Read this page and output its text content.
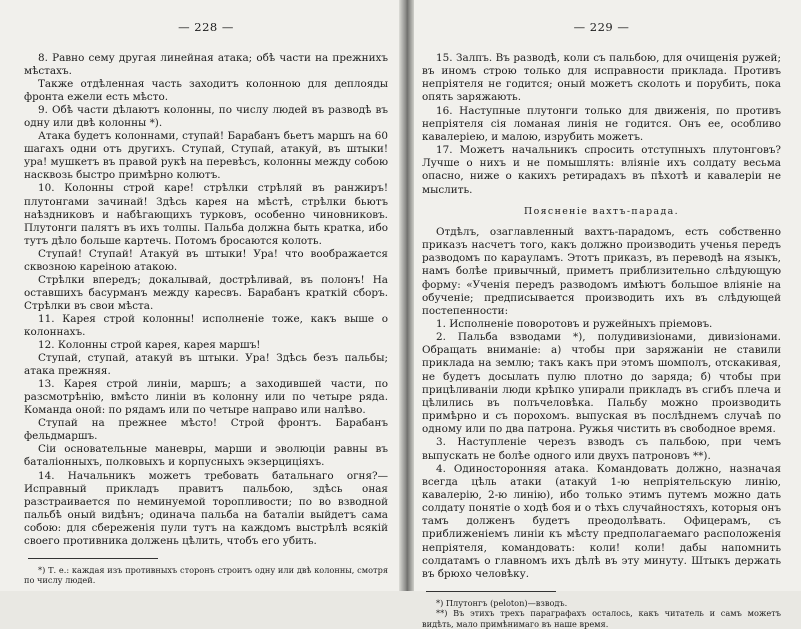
— 228 —

8. Равно сему другая линейная атака; обѣ части на прежнихъ мѣстахъ.

Также отдѣленная часть заходитъ колонною для деплояды фронта ежели есть мѣсто.

9. Обѣ части дѣлаютъ колонны, по числу людей въ разводѣ въ одну или двѣ колонны *).

Атака будетъ колоннами, ступай! Барабанъ бьетъ маршъ на 60 шагахъ одни отъ другихъ. Ступай, Ступай, атакуй, въ штыки! ура! мушкетъ въ правой рукѣ на перевѣсъ, колонны между собою насквозь быстро примѣрно колютъ.

10. Колонны строй каре! стрѣлки стрѣляй въ ранжиръ! плутонгами зачинай! Здѣсь карея на мѣстѣ, стрѣлки бьютъ наѣздниковъ и набѣгающихъ турковъ, особенно чиновниковъ. Плутонги палятъ въ ихъ толпы. Пальба должна быть кратка, ибо тутъ дѣло больше картечь. Потомъ бросаются колоть.

Ступай! Ступай! Атакуй въ штыки! Ура! что воображается сквозною кареiною атакою.

Стрѣлки впередъ; докалывай, дострѣливай, въ полонъ! На оставшихъ басурманъ между каресвъ. Барабанъ краткiй сборъ. Стрѣлки въ свои мѣста.

11. Карея строй колонны! исполненiе тоже, какъ выше о колоннахъ.

12. Колонны строй карея, карея маршъ!

Ступай, ступай, атакуй въ штыки. Ура! Здѣсь безъ пальбы; атака прежняя.

13. Карея строй линiи, маршъ; а заходившей части, по разсмотрѣнiю, вмѣсто линiи въ колонну или по четыре ряда. Команда оной: по рядамъ или по четыре направо или налѣво.

Ступай на прежнее мѣсто! Строй фронтъ. Барабанъ фельдмаршъ.

Сiи основательные маневры, марши и эволюцiи равны въ баталiонныхъ, полковыхъ и корпусныхъ экзерцицiяхъ.

14. Начальникъ можетъ требовать батальнаго огня?—Исправный прикладъ правитъ пальбою, здѣсь оная разстраивается по неминуемой торопливости; по во взводной пальбѣ оный видѣнъ; одинача пальба на баталiи выйдетъ сама собою: для сбереженiя пули тутъ на каждомъ выстрѣлѣ всякiй своего противника должень цѣлить, чтобъ его убить.

*) Т. е.: каждая изъ противныхъ сторонъ строитъ одну или двѣ колонны, смотря по числу людей.

— 229 —

15. Залпъ. Въ разводѣ, коли съ пальбою, для очищенiя ружей; въ иномъ строю только для исправности приклада. Противъ непрiятеля не годится; оный можетъ сколоть и порубить, пока опять заряжають.

16. Наступные плутонги только для движенiя, по противъ непрiятеля сiя ломаная линiя не годится. Онъ ее, особливо кавалерiею, и малою, изрубить можетъ.

17. Можетъ начальникъ спросить отступныхъ плутонговъ? Лучше о нихъ и не помышлять: влiянiе ихъ солдату весьма опасно, ниже о какихъ ретирадахъ въ пѣхотѣ и кавалерiи не мыслить.

Поясненiе вахтъ-парада.

Отдѣлъ, озаглавленный вахтъ-парадомъ, есть собственно приказъ насчетъ того, какъ должно производить ученья передъ разводомъ по карауламъ. Этотъ приказъ, въ переводѣ на языкъ, намъ болѣе привычный, приметъ приблизительно слѣдующую форму: «Ученiя передъ разводомъ имѣютъ большое влiянiе на обученiе; предписывается производить ихъ въ слѣдующей постепенности:

1. Исполненiе поворотовъ и ружейныхъ прiемовъ.

2. Пальба взводами *), полудивизiонами, дивизiонами. Обращать вниманiе: а) чтобы при заряжанiи не ставили приклада на землю; такъ какъ при этомъ шомполъ, отскакивая, не будетъ досылать пулю плотно до заряда; б) чтобы при прицѣливанiи люди крѣпко упирали прикладъ въ сгибъ плеча и цѣлились въ полъчеловѣка. Пальбу можно производить примѣрно и съ порохомъ. выпуская въ послѣднемъ случаѣ по одному или по два патрона. Ружья чистить въ свободное время.

3. Наступленiе черезъ взводъ съ пальбою, при чемъ выпускать не болѣе одного или двухъ патроновъ **).

4. Одиносторонняя атака. Командовать должно, назначая всегда цѣль атаки (атакуй 1-ю непрiятельскую линiю, кавалерiю, 2-ю линiю), ибо только этимъ путемъ можно дать солдату понятiе о ходѣ боя и о тѣхъ случайностяхъ, которыя онъ тамъ долженъ будетъ преодолѣвать. Офицерамъ, съ приближенiемъ линiи къ мѣсту предполагаемаго расположенiя непрiятеля, командовать: коли! коли! дабы напомнить солдатамъ о главномъ ихъ дѣлѣ въ эту минуту. Штыкъ держать въ брюхо человѣку.

*) Плутонгъ (peloton)—взводъ.

**) Въ этихъ трехъ параграфахъ осталось, какъ читатель и самъ можетъ видѣть, мало примѣнимаго въ наше время.
